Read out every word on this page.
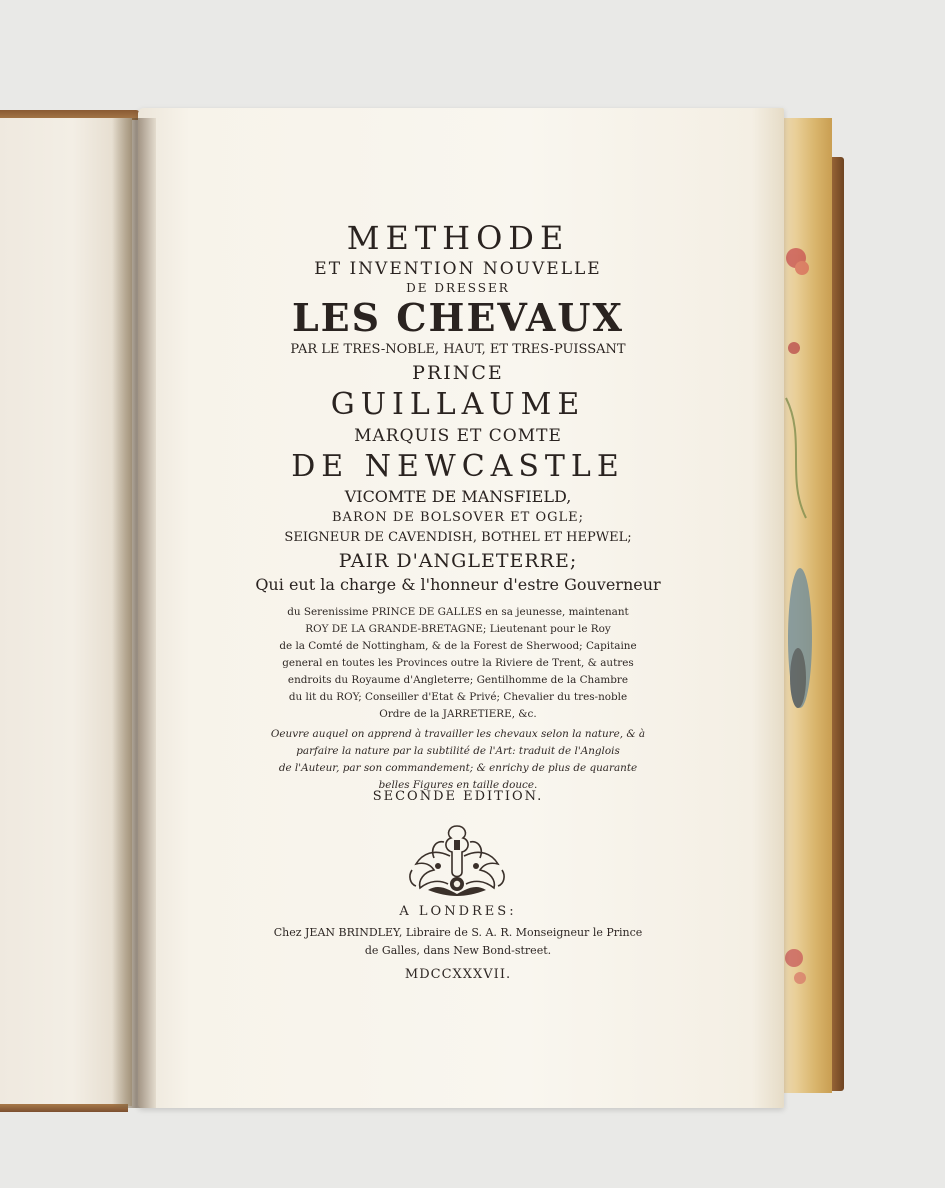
METHODE
ET INVENTION NOUVELLE
DE DRESSER
LES CHEVAUX
PAR LE TRES-NOBLE, HAUT, ET TRES-PUISSANT
PRINCE
GUILLAUME
MARQUIS ET COMTE
DE NEWCASTLE
VICOMTE DE MANSFIELD,
BARON DE BOLSOVER ET OGLE;
SEIGNEUR DE CAVENDISH, BOTHEL ET HEPWEL;
PAIR D'ANGLETERRE;
Qui eut la charge & l'honneur d'estre Gouverneur
du Serenissime PRINCE DE GALLES en sa jeunesse, maintenant
ROY DE LA GRANDE-BRETAGNE; Lieutenant pour le Roy
de la Comté de Nottingham, & de la Forest de Sherwood; Capitaine
general en toutes les Provinces outre la Riviere de Trent, & autres
endroits du Royaume d'Angleterre; Gentilhomme de la Chambre
du lit du ROY; Conseiller d'Etat & Privé; Chevalier du tres-noble
Ordre de la JARRETIERE, &c.
Oeuvre auquel on apprend à travailler les chevaux selon la nature, & à
parfaire la nature par la subtilité de l'Art: traduit de l'Anglois
de l'Auteur, par son commandement; & enrichy de plus de quarante
belles Figures en taille douce.
SECONDE EDITION.
A LONDRES:
Chez JEAN BRINDLEY, Libraire de S. A. R. Monseigneur le Prince
de Galles, dans New Bond-street.
MDCCXXXVII.
